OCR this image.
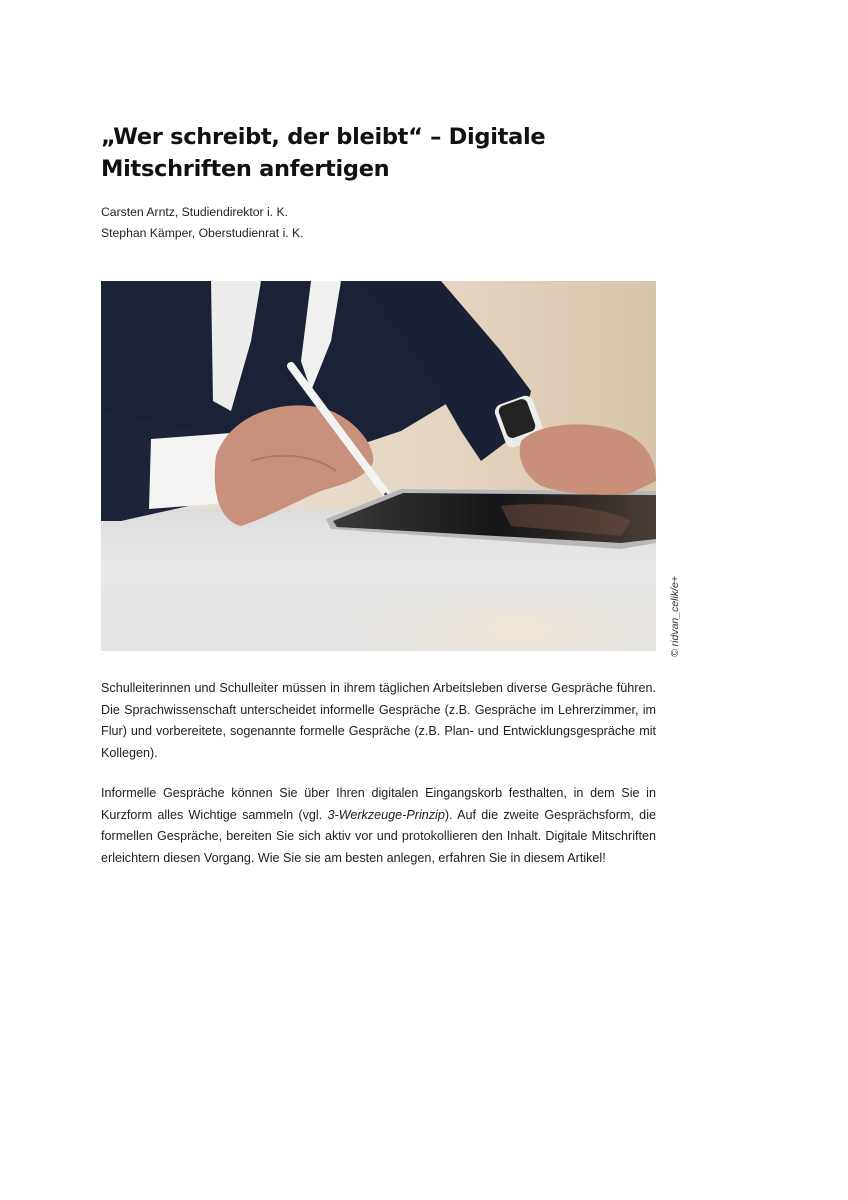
„Wer schreibt, der bleibt“ – Digitale Mitschriften anfertigen
Carsten Arntz, Studiendirektor i. K.
Stephan Kämper, Oberstudienrat i. K.
© ridvan_celik/e+

Schulleiterinnen und Schulleiter müssen in ihrem täglichen Arbeitsleben diverse Gespräche führen. Die Sprachwissenschaft unterscheidet informelle Gespräche (z.B. Gespräche im Lehrerzimmer, im Flur) und vorbereitete, sogenannte formelle Gespräche (z.B. Plan- und Entwicklungsgespräche mit Kollegen).

Informelle Gespräche können Sie über Ihren digitalen Eingangskorb festhalten, in dem Sie in Kurzform alles Wichtige sammeln (vgl. 3-Werkzeuge-Prinzip). Auf die zweite Gesprächsform, die formellen Gespräche, bereiten Sie sich aktiv vor und protokollieren den Inhalt. Digitale Mitschriften erleichtern diesen Vorgang. Wie Sie sie am besten anlegen, erfahren Sie in diesem Artikel!
